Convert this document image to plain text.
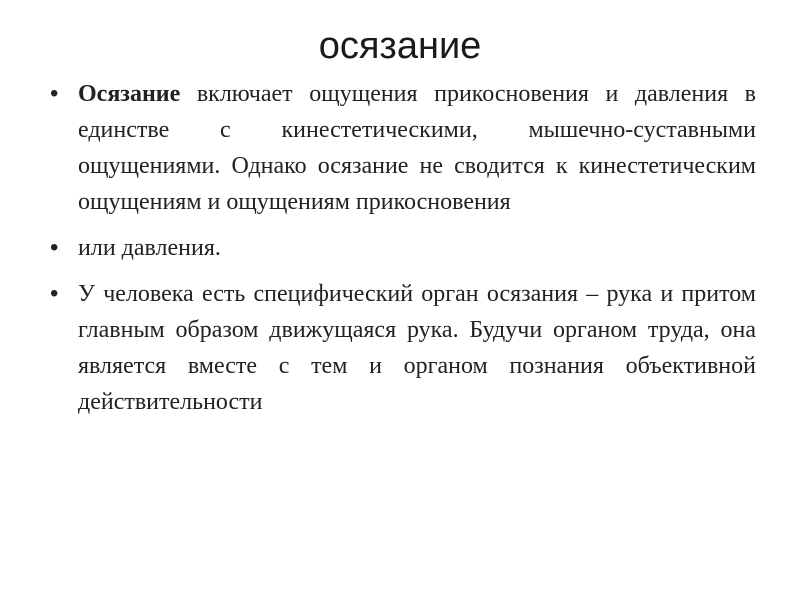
осязание
• Осязание включает ощущения прикосновения и давления в единстве с кинестетическими, мышечно-суставными ощущениями. Однако осязание не сводится к кинестетическим ощущениям и ощущениям прикосновения
• или давления.
• У человека есть специфический орган осязания – рука и притом главным образом движущаяся рука. Будучи органом труда, она является вместе с тем и органом познания объективной действительности
